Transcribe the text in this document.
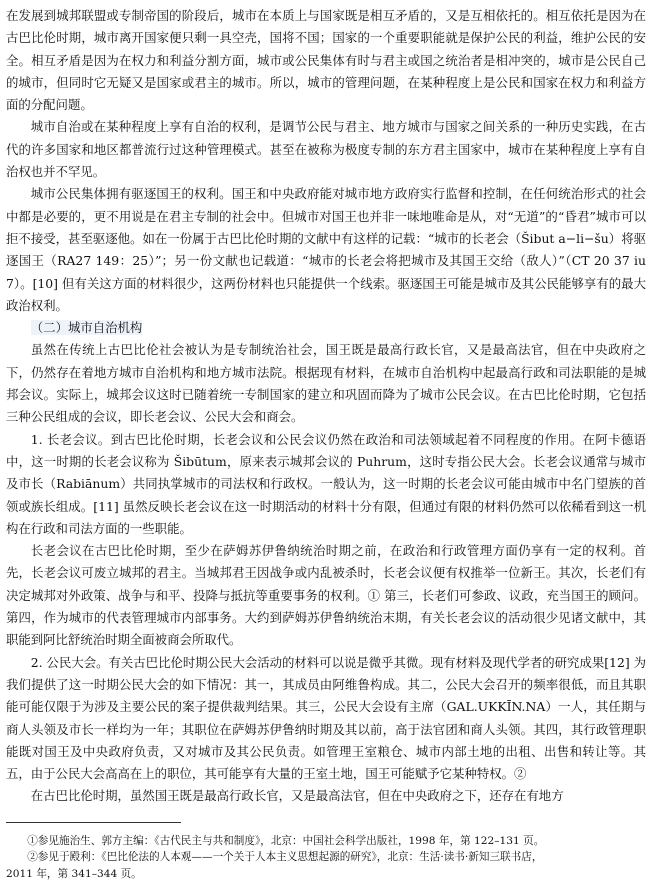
在发展到城邦联盟或专制帝国的阶段后，城市在本质上与国家既是相互矛盾的，又是互相依托的。相互依托是因为在古巴比伦时期，城市离开国家便只剩一具空壳，国将不国；国家的一个重要职能就是保护公民的利益，维护公民的安全。相互矛盾是因为在权力和利益分割方面，城市或公民集体有时与君主或国之统治者是相冲突的，城市是公民自己的城市，但同时它无疑又是国家或君主的城市。所以，城市的管理问题，在某种程度上是公民和国家在权力和利益方面的分配问题。

城市自治或在某种程度上享有自治的权利，是调节公民与君主、地方城市与国家之间关系的一种历史实践，在古代的许多国家和地区都普流行过这种管理模式。甚至在被称为极度专制的东方君主国家中，城市在某种程度上享有自治权也并不罕见。

城市公民集体拥有驱逐国王的权利。国王和中央政府能对城市地方政府实行监督和控制，在任何统治形式的社会中都是必要的，更不用说是在君主专制的社会中。但城市对国王也并非一味地唯命是从，对“无道”的“昏君”城市可以拒不接受，甚至驱逐他。如在一份属于古巴比伦时期的文献中有这样的记载：“城市的长老会（Šibut a−li−šu）将驱逐国王（RA27 149：25）”；另一份文献也记载道：“城市的长老会将把城市及其国王交给（敌人）”（CT 20 37 iu 7）。[10] 但有关这方面的材料很少，这两份材料也只能提供一个线索。驱逐国王可能是城市及其公民能够享有的最大政治权利。

（二）城市自治机构

虽然在传统上古巴比伦社会被认为是专制统治社会，国王既是最高行政长官，又是最高法官，但在中央政府之下，仍然存在着地方城市自治机构和地方城市法院。根据现有材料，在城市自治机构中起最高行政和司法职能的是城邦会议。实际上，城邦会议这时已随着统一专制国家的建立和巩固而降为了城市公民会议。在古巴比伦时期，它包括三种公民组成的会议，即长老会议、公民大会和商会。

1. 长老会议。到古巴比伦时期，长老会议和公民会议仍然在政治和司法领域起着不同程度的作用。在阿卡德语中，这一时期的长老会议称为 Šibūtum，原来表示城邦会议的 Puhrum，这时专指公民大会。长老会议通常与城市及市长（Rabiānum）共同执掌城市的司法权和行政权。一般认为，这一时期的长老会议可能由城市中名门望族的首领或族长组成。[11] 虽然反映长老会议在这一时期活动的材料十分有限，但通过有限的材料仍然可以依稀看到这一机构在行政和司法方面的一些职能。

长老会议在古巴比伦时期，至少在萨姆苏伊鲁纳统治时期之前，在政治和行政管理方面仍享有一定的权利。首先，长老会议可废立城邦的君主。当城邦君王因战争或内乱被杀时，长老会议便有权推举一位新王。其次，长老们有决定城邦对外政策、战争与和平、投降与抵抗等重要事务的权利。① 第三，长老们可参政、议政，充当国王的顾问。第四，作为城市的代表管理城市内部事务。大约到萨姆苏伊鲁纳统治末期，有关长老会议的活动很少见诸文献中，其职能到阿比舒统治时期全面被商会所取代。

2. 公民大会。有关古巴比伦时期公民大会活动的材料可以说是微乎其微。现有材料及现代学者的研究成果[12] 为我们提供了这一时期公民大会的如下情况：其一，其成员由阿维鲁构成。其二，公民大会召开的频率很低，而且其职能可能仅限于为涉及主要公民的案子提供裁判结果。其三，公民大会设有主席（GAL.UKKĪN.NA）一人，其任期与商人头领及市长一样均为一年；其职位在萨姆苏伊鲁纳时期及其以前，高于法官团和商人头领。其四，其行政管理职能既对国王及中央政府负责，又对城市及其公民负责。如管理王室粮仓、城市内部土地的出租、出售和转让等。其五，由于公民大会高高在上的职位，其可能享有大量的王室土地，国王可能赋予它某种特权。②

在古巴比伦时期，虽然国王既是最高行政长官，又是最高法官，但在中央政府之下，还存在有地方

①参见施治生、郭方主编：《古代民主与共和制度》，北京：中国社会科学出版社，1998 年，第 122–131 页。

②参见于殿利：《巴比伦法的人本观——一个关于人本主义思想起源的研究》，北京：生活·读书·新知三联书店，

2011 年，第 341–344 页。
